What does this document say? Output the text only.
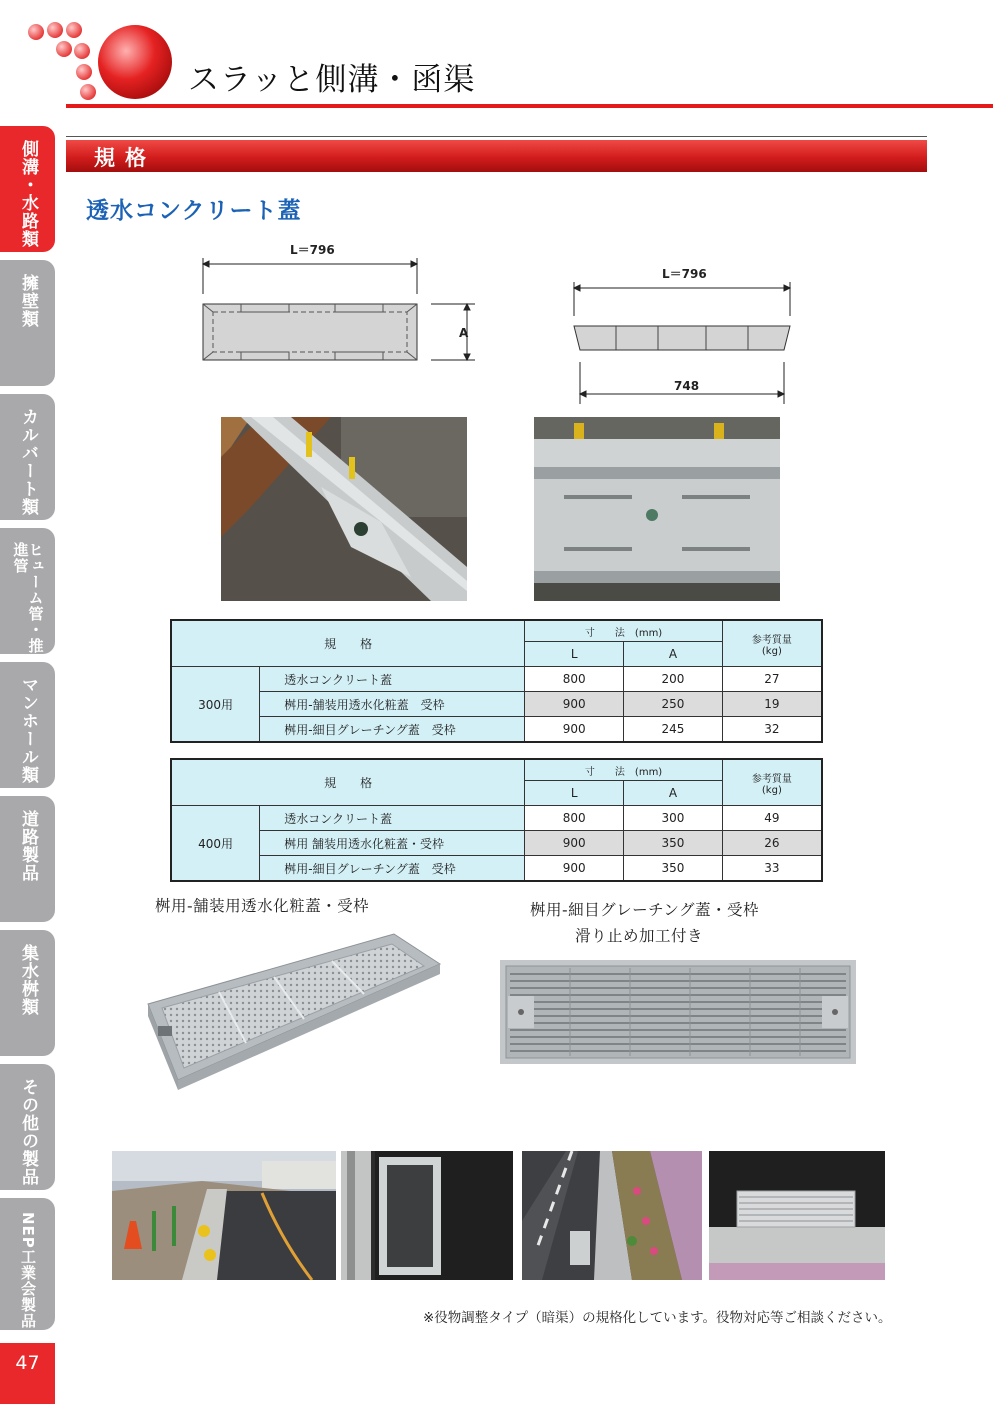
スラッと側溝・函渠
側溝・水路類
擁壁類
カルバート類
ヒューム管・推進管
マンホール類
道路製品
集水桝類
その他の製品
NEP工業会製品
47
規格
透水コンクリート蓋
L＝796
A
L＝796
748
規　　格		寸　　法　(mm)		参考質量
(kg)

		L	A	
300用	透水コンクリート蓋	800	200	27
	桝用-舗装用透水化粧蓋　受枠	900	250	19
	桝用-細目グレーチング蓋　受枠	900	245	32
規　　格		寸　　法　(mm)		参考質量
(kg)

		L	A	
400用	透水コンクリート蓋	800	300	49
	桝用 舗装用透水化粧蓋・受枠	900	350	26
	桝用-細目グレーチング蓋　受枠	900	350	33
桝用-舗装用透水化粧蓋・受枠	桝用-細目グレーチング蓋・受枠
滑り止め加工付き
※役物調整タイプ（暗渠）の規格化しています。役物対応等ご相談ください。
